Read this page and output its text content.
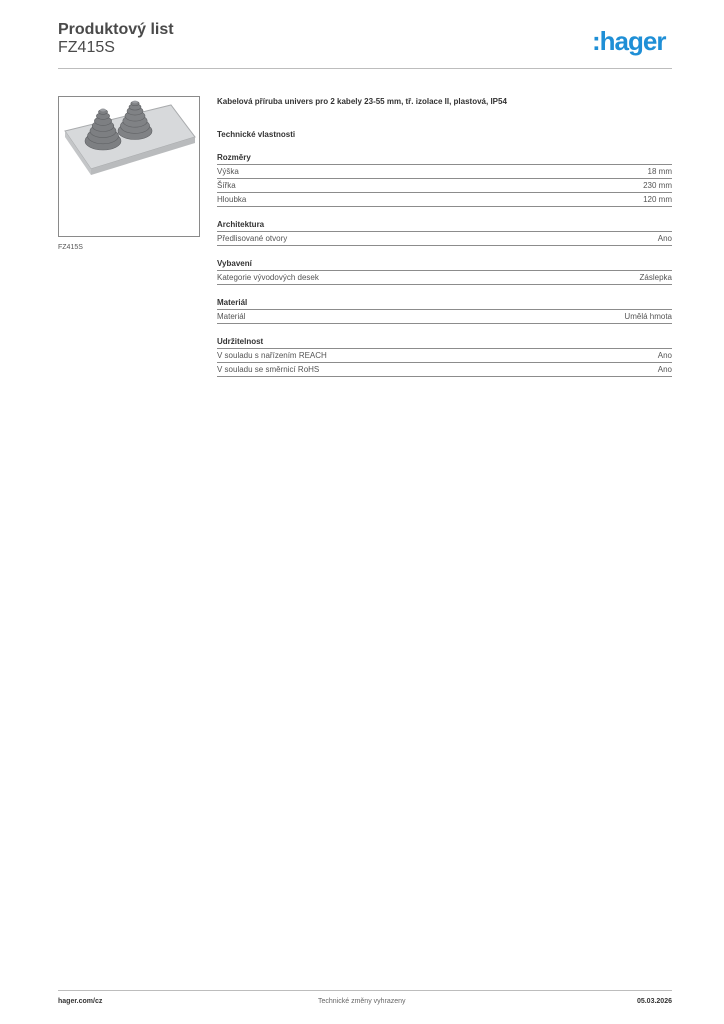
Produktový list
FZ415S	:hager
FZ415S
Kabelová příruba univers pro 2 kabely 23-55 mm, tř. izolace II, plastová, IP54
Technické vlastnosti
Rozměry
Výška	18 mm
Šířka	230 mm
Hloubka	120 mm
Architektura
Předlisované otvory	Ano
Vybavení
Kategorie vývodových desek	Záslepka
Materiál
Materiál	Umělá hmota
Udržitelnost
V souladu s nařízením REACH	Ano
V souladu se směrnicí RoHS	Ano
hager.com/cz	Technické změny vyhrazeny	05.03.2026
